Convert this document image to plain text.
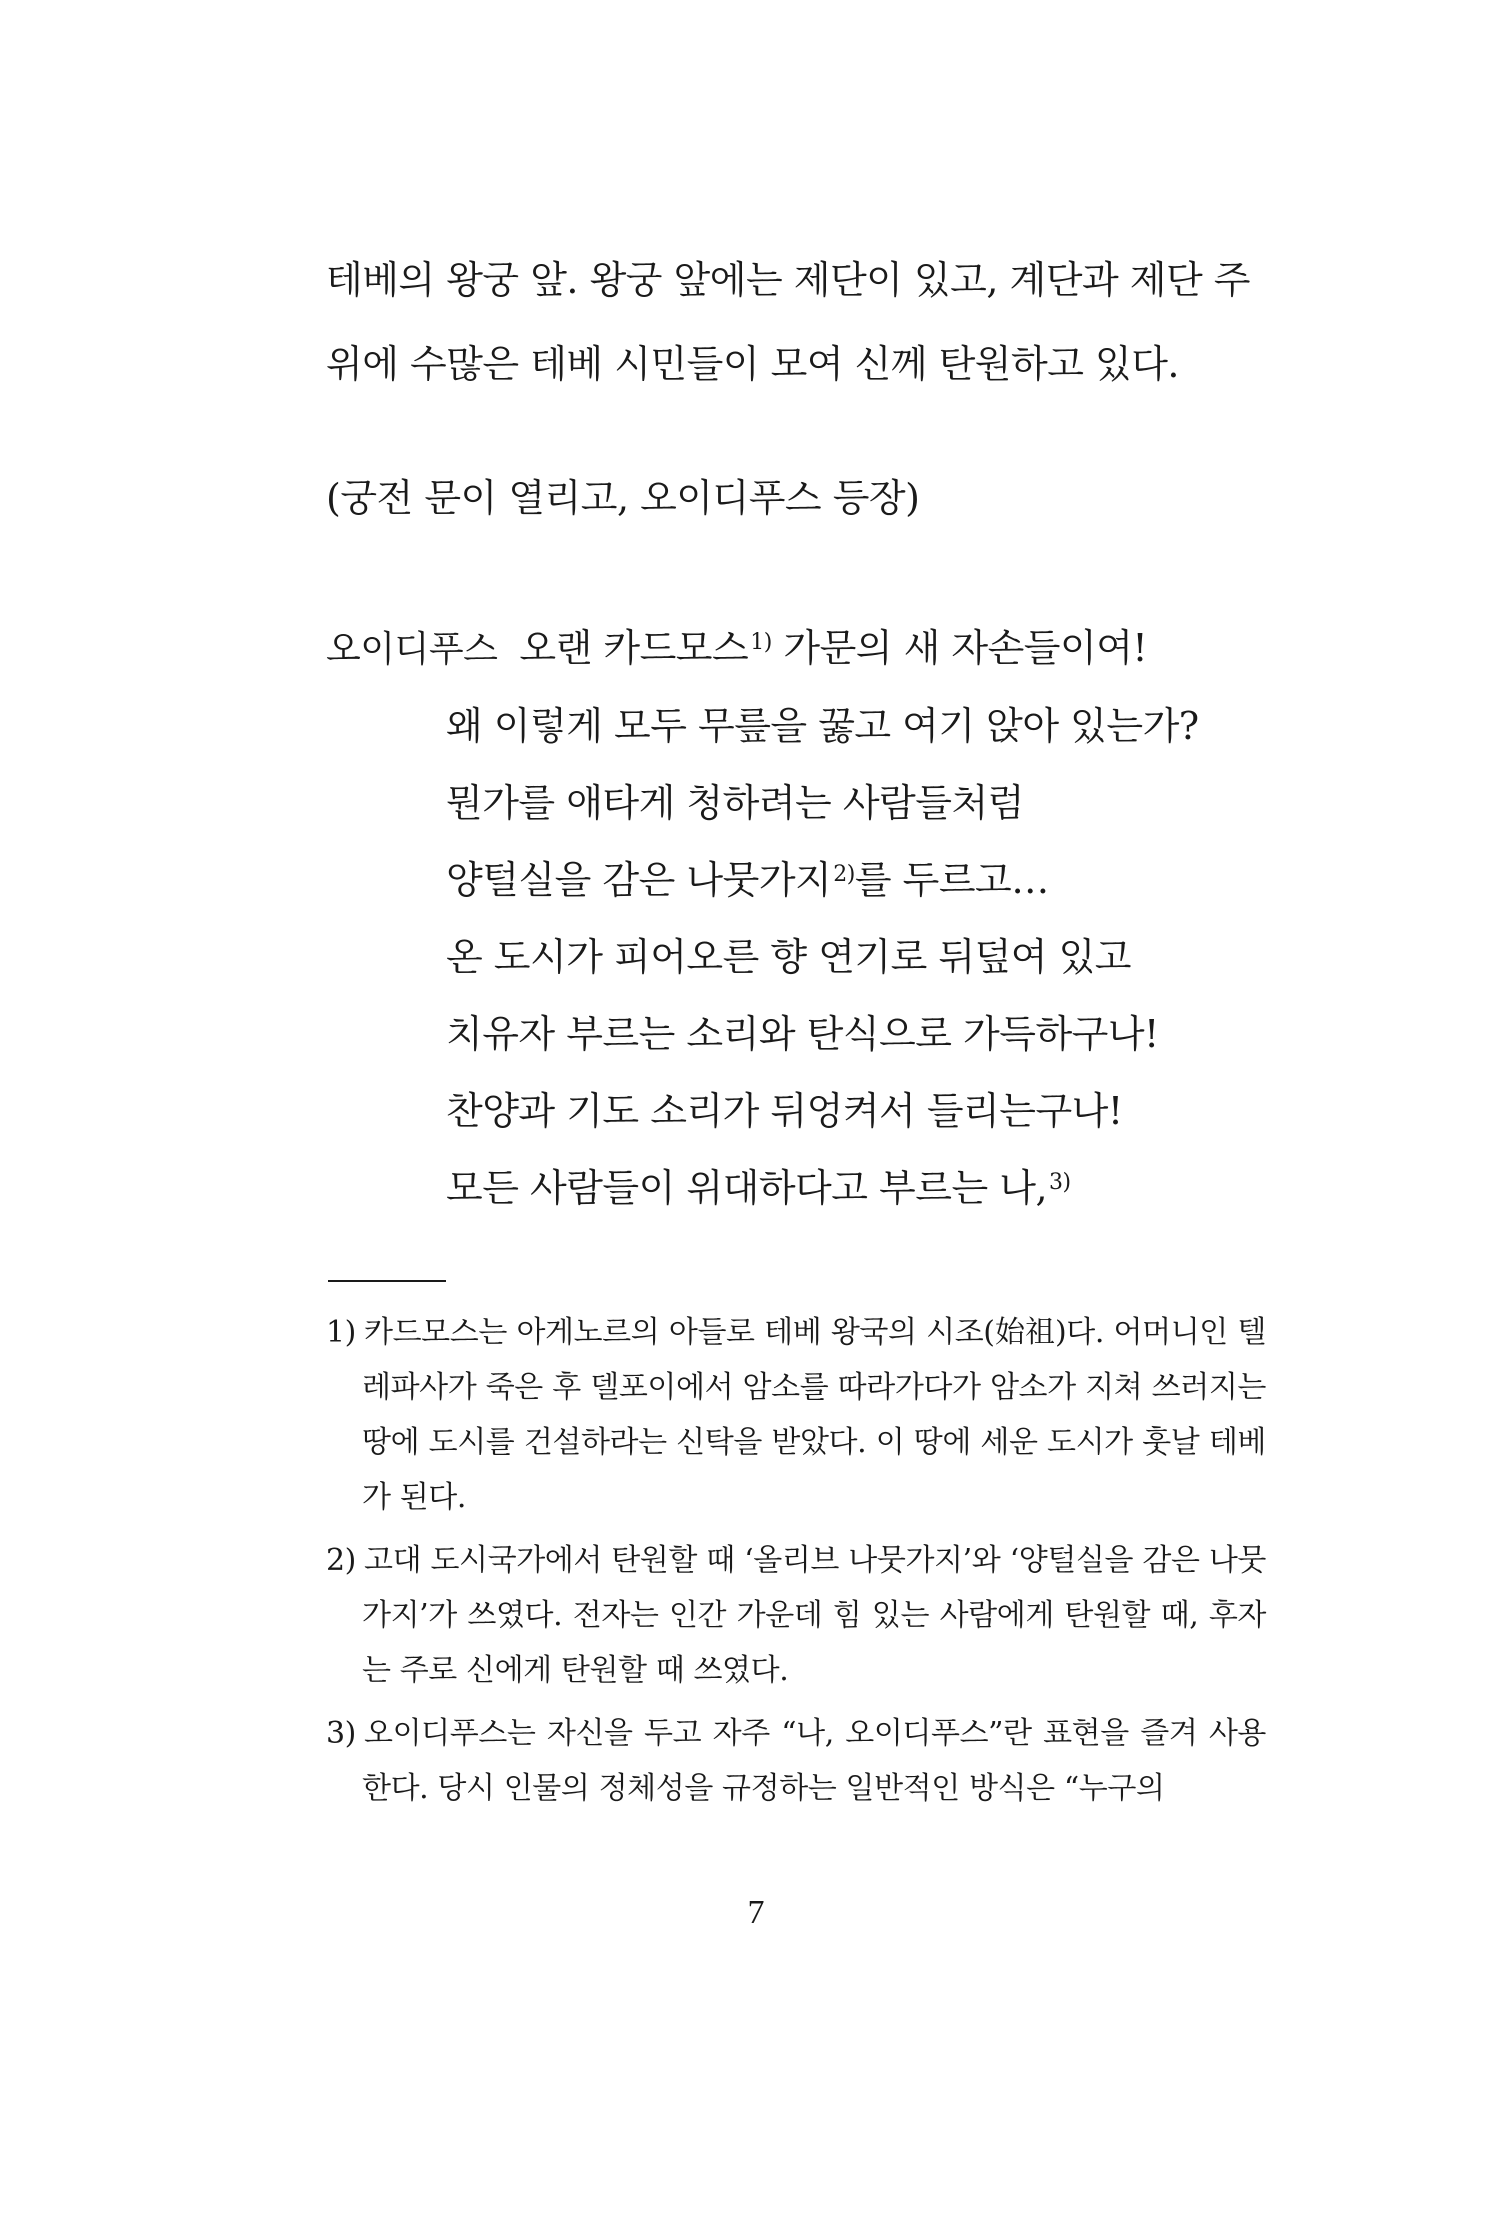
테베의 왕궁 앞. 왕궁 앞에는 제단이 있고, 계단과 제단 주위에 수많은 테베 시민들이 모여 신께 탄원하고 있다.

(궁전 문이 열리고, 오이디푸스 등장)

오이디푸스 오랜 카드모스$^{1)}$ 가문의 새 자손들이여!

왜 이렇게 모두 무릎을 꿇고 여기 앉아 있는가?

뭔가를 애타게 청하려는 사람들처럼

양털실을 감은 나뭇가지$^{2)}$를 두르고…

온 도시가 피어오른 향 연기로 뒤덮여 있고

치유자 부르는 소리와 탄식으로 가득하구나!

찬양과 기도 소리가 뒤엉켜서 들리는구나!

모든 사람들이 위대하다고 부르는 나,$^{3)}$

1) 카드모스는 아게노르의 아들로 테베 왕국의 시조(始祖)다. 어머니인 텔레파사가 죽은 후 델포이에서 암소를 따라가다가 암소가 지쳐 쓰러지는 땅에 도시를 건설하라는 신탁을 받았다. 이 땅에 세운 도시가 훗날 테베가 된다.

2) 고대 도시국가에서 탄원할 때 ‘올리브 나뭇가지’와 ‘양털실을 감은 나뭇가지’가 쓰였다. 전자는 인간 가운데 힘 있는 사람에게 탄원할 때, 후자는 주로 신에게 탄원할 때 쓰였다.

3) 오이디푸스는 자신을 두고 자주 “나, 오이디푸스”란 표현을 즐겨 사용한다. 당시 인물의 정체성을 규정하는 일반적인 방식은 “누구의

7
